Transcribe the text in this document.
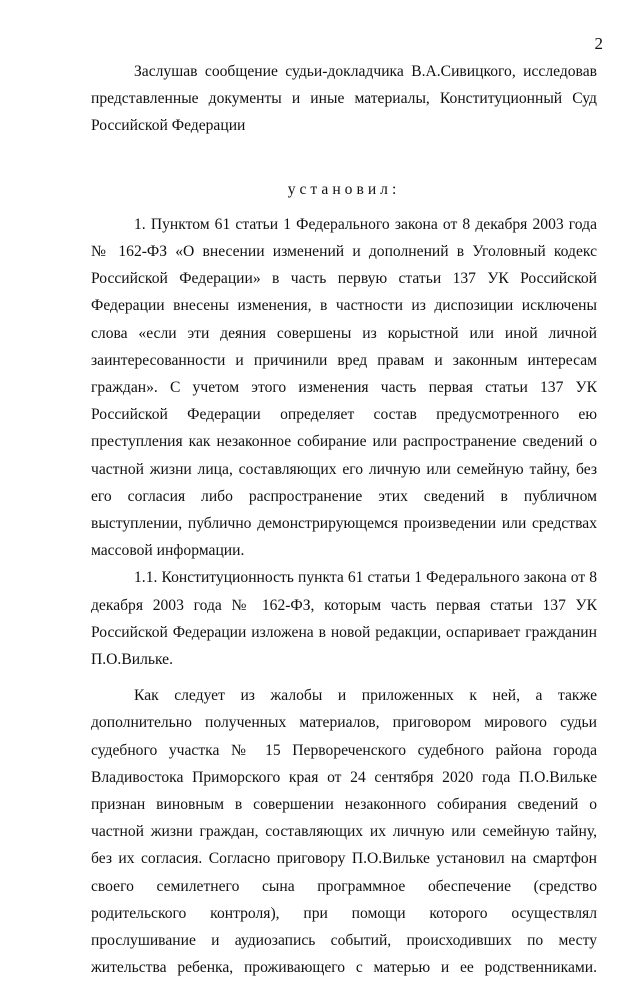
2

Заслушав сообщение судьи-докладчика В.А.Сивицкого, исследовав представленные документы и иные материалы, Конституционный Суд Российской Федерации

установил:

1. Пунктом 61 статьи 1 Федерального закона от 8 декабря 2003 года № 162-ФЗ «О внесении изменений и дополнений в Уголовный кодекс Российской Федерации» в часть первую статьи 137 УК Российской Федерации внесены изменения, в частности из диспозиции исключены слова «если эти деяния совершены из корыстной или иной личной заинтересованности и причинили вред правам и законным интересам граждан». С учетом этого изменения часть первая статьи 137 УК Российской Федерации определяет состав предусмотренного ею преступления как незаконное собирание или распространение сведений о частной жизни лица, составляющих его личную или семейную тайну, без его согласия либо распространение этих сведений в публичном выступлении, публично демонстрирующемся произведении или средствах массовой информации.

1.1. Конституционность пункта 61 статьи 1 Федерального закона от 8 декабря 2003 года № 162-ФЗ, которым часть первая статьи 137 УК Российской Федерации изложена в новой редакции, оспаривает гражданин П.О.Вильке.

Как следует из жалобы и приложенных к ней, а также дополнительно полученных материалов, приговором мирового судьи судебного участка № 15 Первореченского судебного района города Владивостока Приморского края от 24 сентября 2020 года П.О.Вильке признан виновным в совершении незаконного собирания сведений о частной жизни граждан, составляющих их личную или семейную тайну, без их согласия. Согласно приговору П.О.Вильке установил на смартфон своего семилетнего сына программное обеспечение (средство родительского контроля), при помощи которого осуществлял прослушивание и аудиозапись событий, происходивших по месту жительства ребенка, проживающего с матерью и ее родственниками.
